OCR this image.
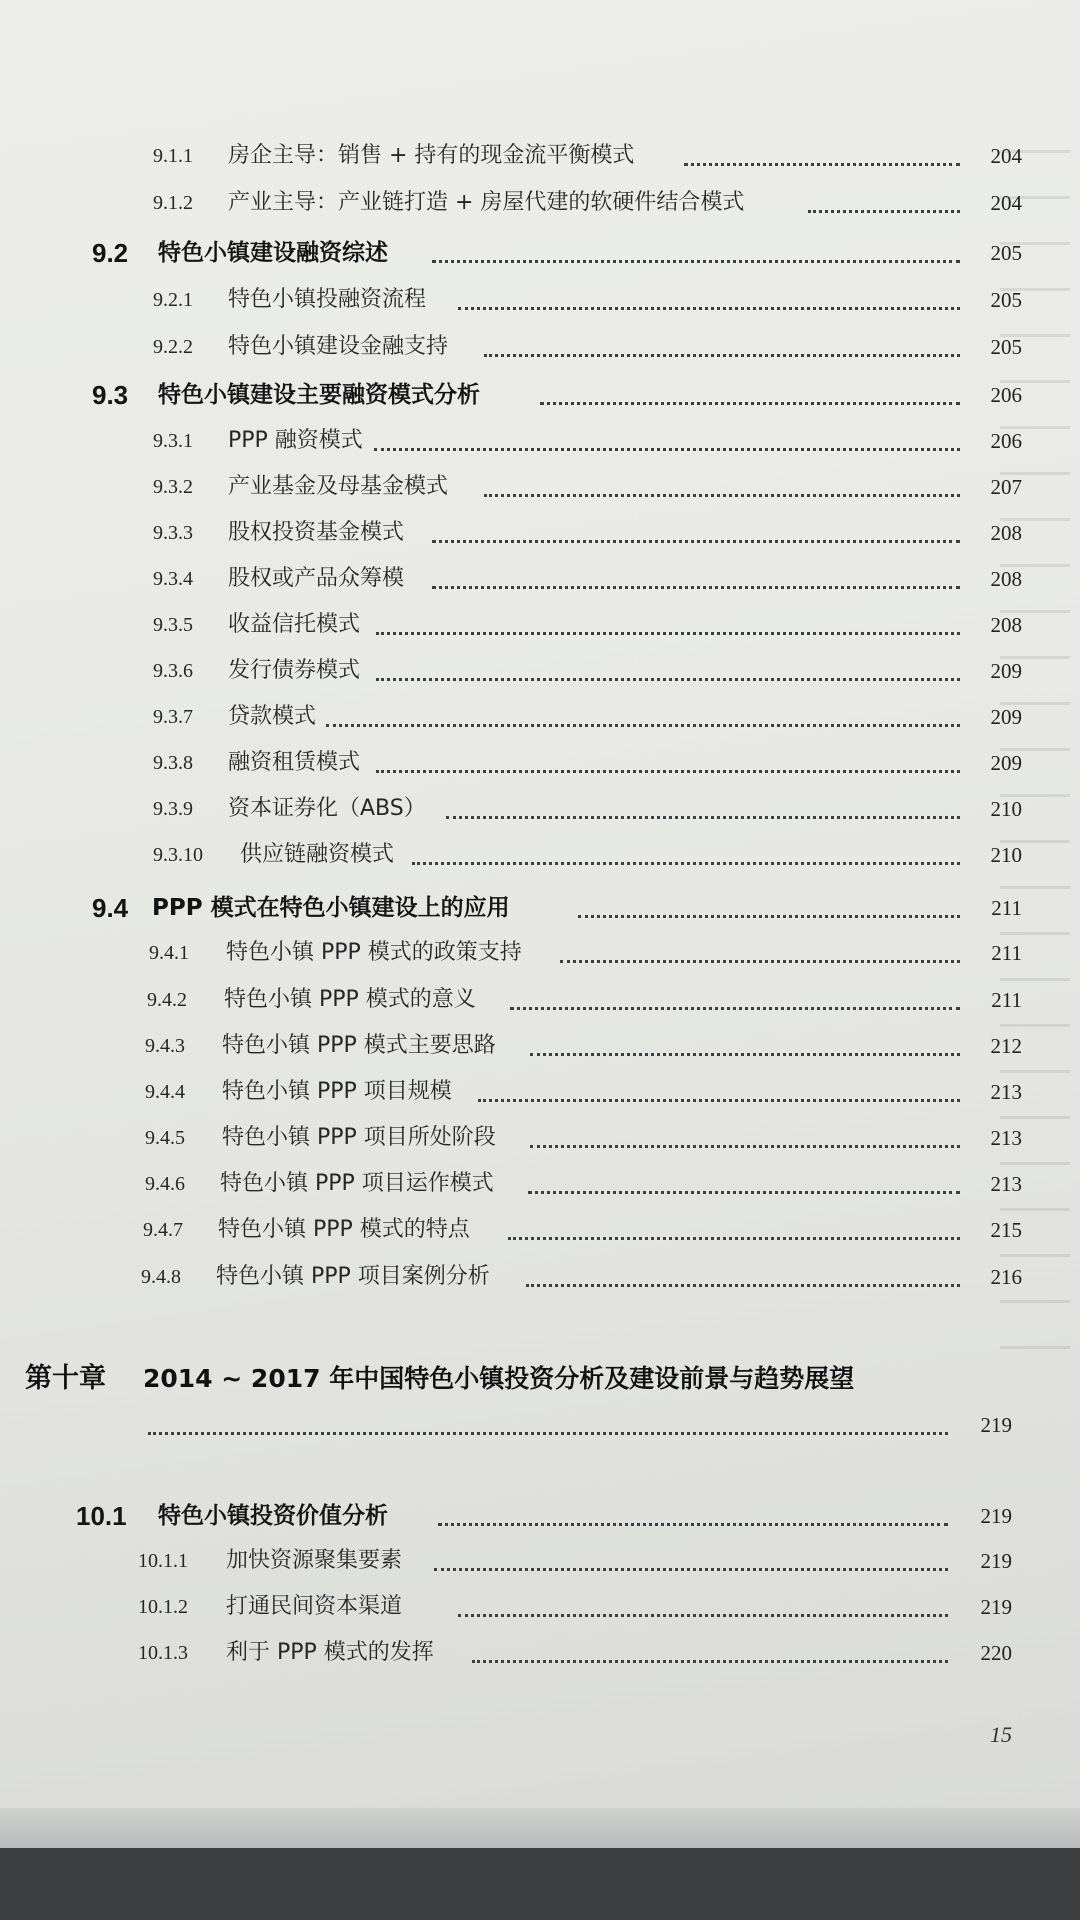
9.1.1 房企主导：销售 + 持有的现金流平衡模式	204
9.1.2 产业主导：产业链打造 + 房屋代建的软硬件结合模式	204
9.2 特色小镇建设融资综述	205
9.2.1 特色小镇投融资流程	205
9.2.2 特色小镇建设金融支持	205
9.3 特色小镇建设主要融资模式分析	206
9.3.1 PPP 融资模式	206
9.3.2 产业基金及母基金模式	207
9.3.3 股权投资基金模式	208
9.3.4 股权或产品众筹模	208
9.3.5 收益信托模式	208
9.3.6 发行债券模式	209
9.3.7 贷款模式	209
9.3.8 融资租赁模式	209
9.3.9 资本证券化（ABS）	210
9.3.10 供应链融资模式	210
9.4 PPP 模式在特色小镇建设上的应用	211
9.4.1 特色小镇 PPP 模式的政策支持	211
9.4.2 特色小镇 PPP 模式的意义	211
9.4.3 特色小镇 PPP 模式主要思路	212
9.4.4 特色小镇 PPP 项目规模	213
9.4.5 特色小镇 PPP 项目所处阶段	213
9.4.6 特色小镇 PPP 项目运作模式	213
9.4.7 特色小镇 PPP 模式的特点	215
9.4.8 特色小镇 PPP 项目案例分析	216
第十章 2014 ~ 2017 年中国特色小镇投资分析及建设前景与趋势展望
219
10.1 特色小镇投资价值分析	219
10.1.1 加快资源聚集要素	219
10.1.2 打通民间资本渠道	219
10.1.3 利于 PPP 模式的发挥	220
15
